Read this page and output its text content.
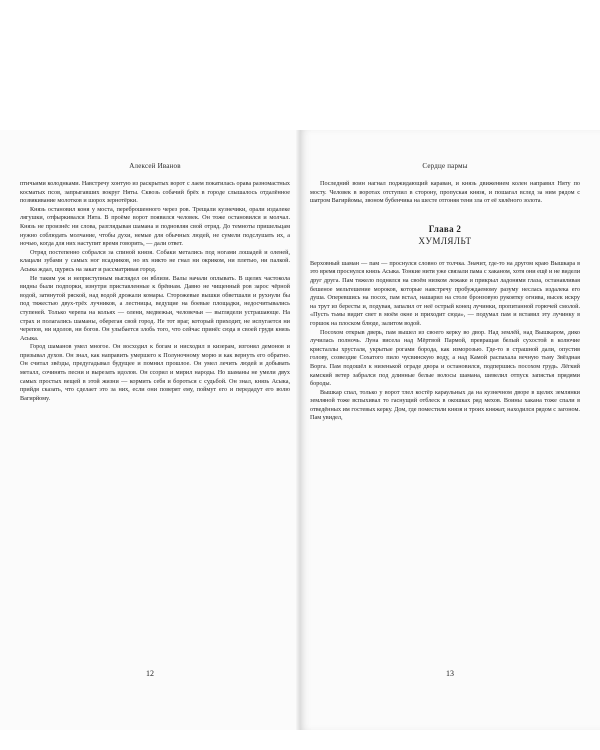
Алексей Иванов

птичьими колоднками. Навстречу хонтую из раскрытых ворот с лаем покатилась орава разномастных косматых псов, запрыгавших вокруг Няты. Сквозь собачий брёх в городе слышалось отдалённое позвякивание молотков и шорох зернотёрки.

Князь остановил коня у моста, переброшенного через ров. Трещали кузнечики, орали издалеке лягушки, отфыркивался Нята. В проёме ворот появился человек. Он тоже остановился и молчал. Князь не произнёс ни слова, разглядывая шамана и подновляя свой отряд. До темноты пришельцам нужно соблюдать молчание, чтобы духи, немые для обычных людей, не сумели подслушать их, а ночью, когда для них наступит время говорить, — дали ответ.

Отряд постепенно собрался за спиной князя. Собаки метались под ногами лошадей и оленей, клацали зубами у самых ног всадников, но их никто не гнал ни окриком, ни плетью, ни палкой. Асыка ждал, щурясь на закат и рассматривая город.

Не таким уж и неприступным выглядел он вблизи. Валы начали оплывать. В щелях частокола видны были подпорки, изнутри приставленные к брёвнам. Давно не чищенный ров зарос чёрной водой, затянутой ряской, над водой дрожали комары. Сторожевые вышки обветшали и рухнули бы под тяжестью двух-трёх лучников, а лестницы, ведущие на боевые площадки, недосчитывались ступеней. Только черепа на кольях — олени, медвежьи, человечьи — выглядели устрашающе. На страх и полагались шаманы, оберегая свой город. Не тот враг, который приходит, не испугается ни черепов, ни идолов, ни богов. Он улыбается злобь того, что сейчас принёс сюда в своей груди князь Асыка.

Город шаманов умел многое. Он восходил к богам и нисходил в кизерам, изгонял демонов и призывал духов. Он знал, как направить умершего к Полуночному морю и как вернуть его обратно. Он считал звёзды, предугадывал будущее и помнил прошлое. Он умел лечить людей и добывать металл, сочинять песни и вырезать идолов. Он ссорил и мирил народы. Но шаманы не умели двух самых простых вещей в этой жизни — кормить себя и бороться с судьбой. Он знал, князь Асыка, прийдя сказать, что сделает это за них, если они поверят ему, поймут его и передадут его волю Вагирйому.

12
Сердце пармы

Последний воин нагнал поджидающий караван, и князь движением колен направил Няту по мосту. Человек в воротах отступил в сторону, пропуская князя, и пошагал вслед за ним рядом с шатром Вагирйомы, звоном бубенчика на шесте отгоняя тени зла от её хвлёного золота.

Глава 2
ХУМЛЯЛЬТ

Верховный шаман — пам — проснулся словно от толчка. Значит, где-то на другом краю Вышкара в это время проснулся князь Асыка. Тонкие нити уже связали пама с хаканом, хотя они ещё и не видели друг друга. Пам тяжело поднялся на своём низком лежаке и прикрыл ладонями глаза, останавливая бешеное мельтешение мороков, которые навстречу пробуждаемому разуму неслась издалека его душа. Оперевшись на посох, пам встал, нашарил на столе бронзовую рукоятку огнива, высек искру на трут из бересты и, подувая, запалил от неё острый конец лучинки, пропитанной горючей смолой. «Пусть тьмы видит свет в моём окне и приходит сюда», — подумал пам и вставил эту лучинку в горшок на плоском блюде, залитом водой.

Посохом открыв дверь, пам вышел из своего керку во двор. Над землёй, над Вышкаром, дико лучилась полночь. Луна висела над Мёртвой Пармой, превращая белый сухостой в колючие кристаллы хрусталя, укрытые рогами борода, как изморозью. Где-то в страшной дали, опустив голову, созвездие Сохатого пило чусвинскую воду, а над Камой распахала вечную тьму Звёздная Ворга. Пам подошёл к низенькой ограде двора и остановился, подпершись посохом грудь. Лёгкий камский ветер забрался под длинные белые волосы шамана, шевелил отпуск запястья прядями бороды.

Вышкар спал, только у ворот тлел костёр караульных да на кузнечном дворе в щелях землянки земляной тоже вспыхивал то гаснущий отблеск в окошках ряд мехов. Воины хакана тоже спали в отведённых им гостевых керку. Дом, где поместили князя и троих княжат, находился рядом с загоном. Пам увидел,

13
